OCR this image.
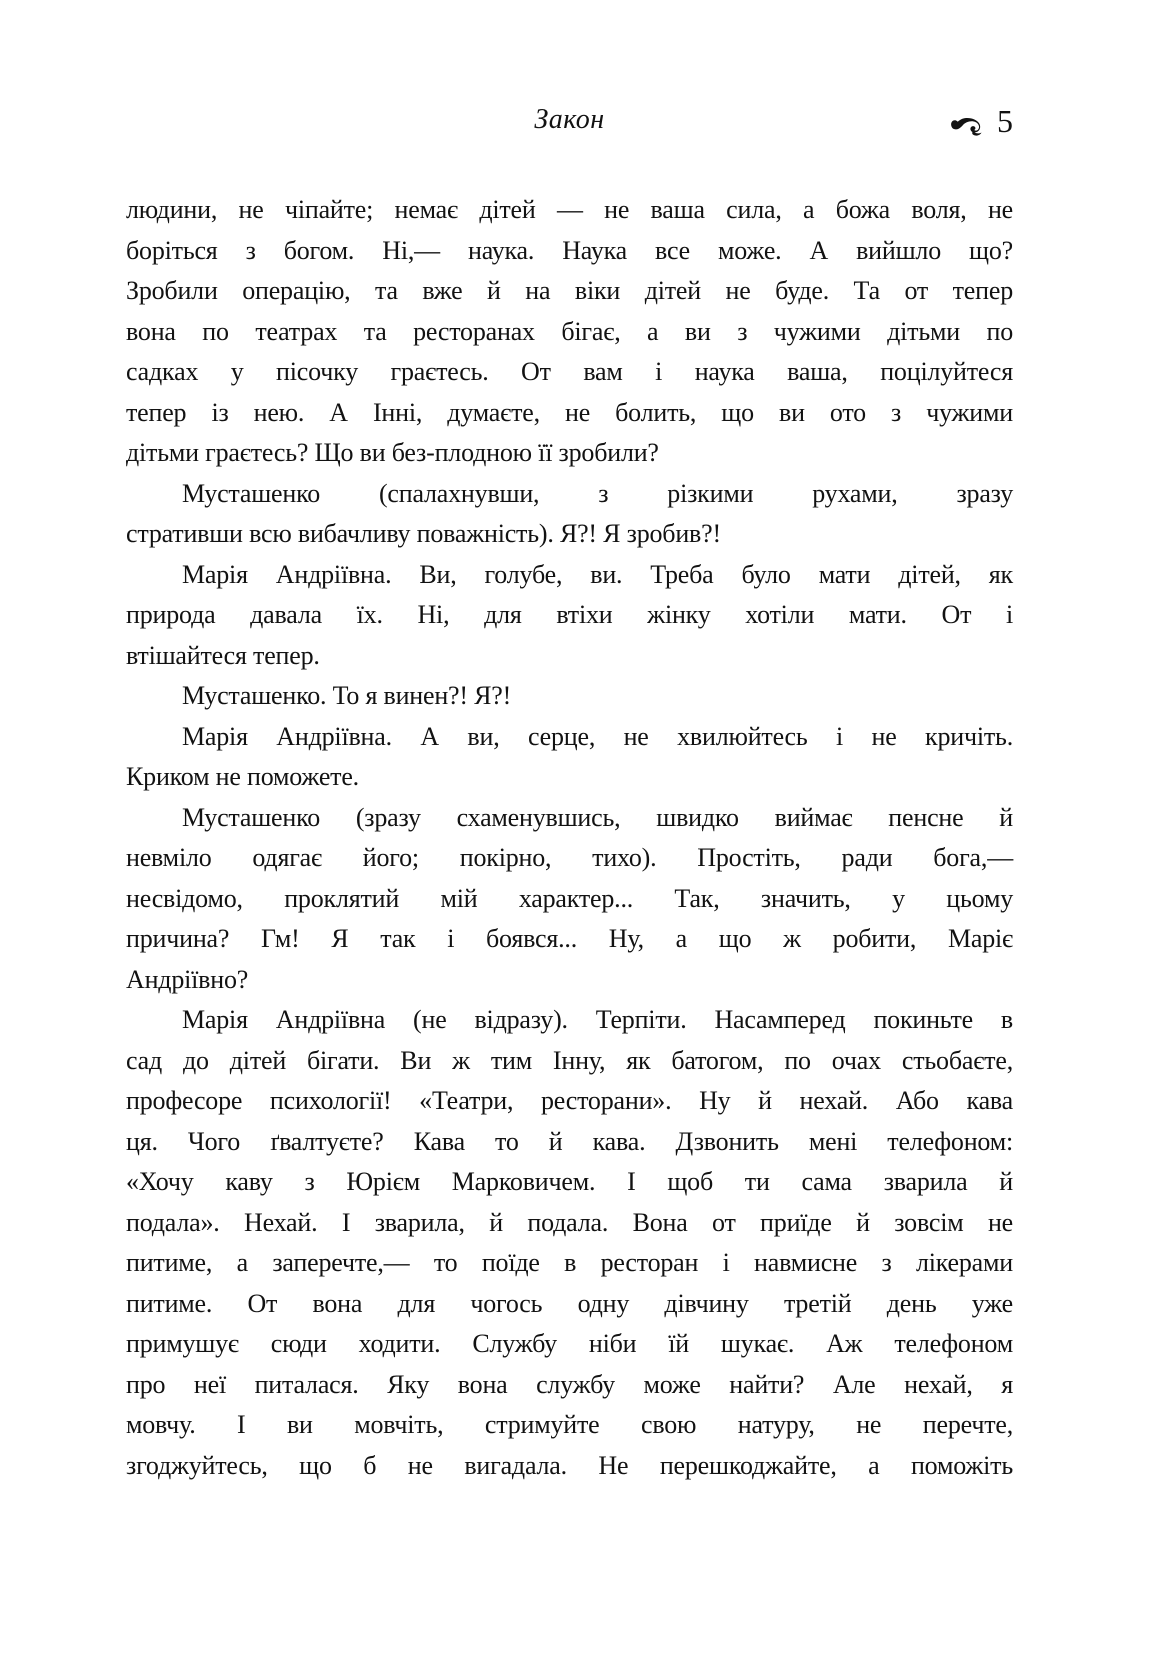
Закон	5
людини, не чіпайте; немає дітей — не ваша сила, а божа воля, не
боріться з богом. Ні,— наука. Наука все може. А вийшло що?
Зробили операцію, та вже й на віки дітей не буде. Та от тепер
вона по театрах та ресторанах бігає, а ви з чужими дітьми по
садках у пісочку граєтесь. От вам і наука ваша, поцілуйтеся
тепер із нею. А Інні, думаєте, не болить, що ви ото з чужими
дітьми граєтесь? Що ви без-плодною її зробили?
Мусташенко (спалахнувши, з різкими рухами, зразу
стративши всю вибачливу поважність). Я?! Я зробив?!
Марія Андріївна. Ви, голубе, ви. Треба було мати дітей, як
природа давала їх. Ні, для втіхи жінку хотіли мати. От і
втішайтеся тепер.
Мусташенко. То я винен?! Я?!
Марія Андріївна. А ви, серце, не хвилюйтесь і не кричіть.
Криком не поможете.
Мусташенко (зразу схаменувшись, швидко виймає пенсне й
невміло одягає його; покірно, тихо). Простіть, ради бога,—
несвідомо, проклятий мій характер... Так, значить, у цьому
причина? Гм! Я так і боявся... Ну, а що ж робити, Маріє
Андріївно?
Марія Андріївна (не відразу). Терпіти. Насамперед покиньте в
сад до дітей бігати. Ви ж тим Інну, як батогом, по очах стьобаєте,
професоре психології! «Театри, ресторани». Ну й нехай. Або кава
ця. Чого ґвалтуєте? Кава то й кава. Дзвонить мені телефоном:
«Хочу каву з Юрієм Марковичем. І щоб ти сама зварила й
подала». Нехай. І зварила, й подала. Вона от приїде й зовсім не
питиме, а заперечте,— то поїде в ресторан і навмисне з лікерами
питиме. От вона для чогось одну дівчину третій день уже
примушує сюди ходити. Службу ніби їй шукає. Аж телефоном
про неї питалася. Яку вона службу може найти? Але нехай, я
мовчу. І ви мовчіть, стримуйте свою натуру, не перечте,
згоджуйтесь, що б не вигадала. Не перешкоджайте, а поможіть
